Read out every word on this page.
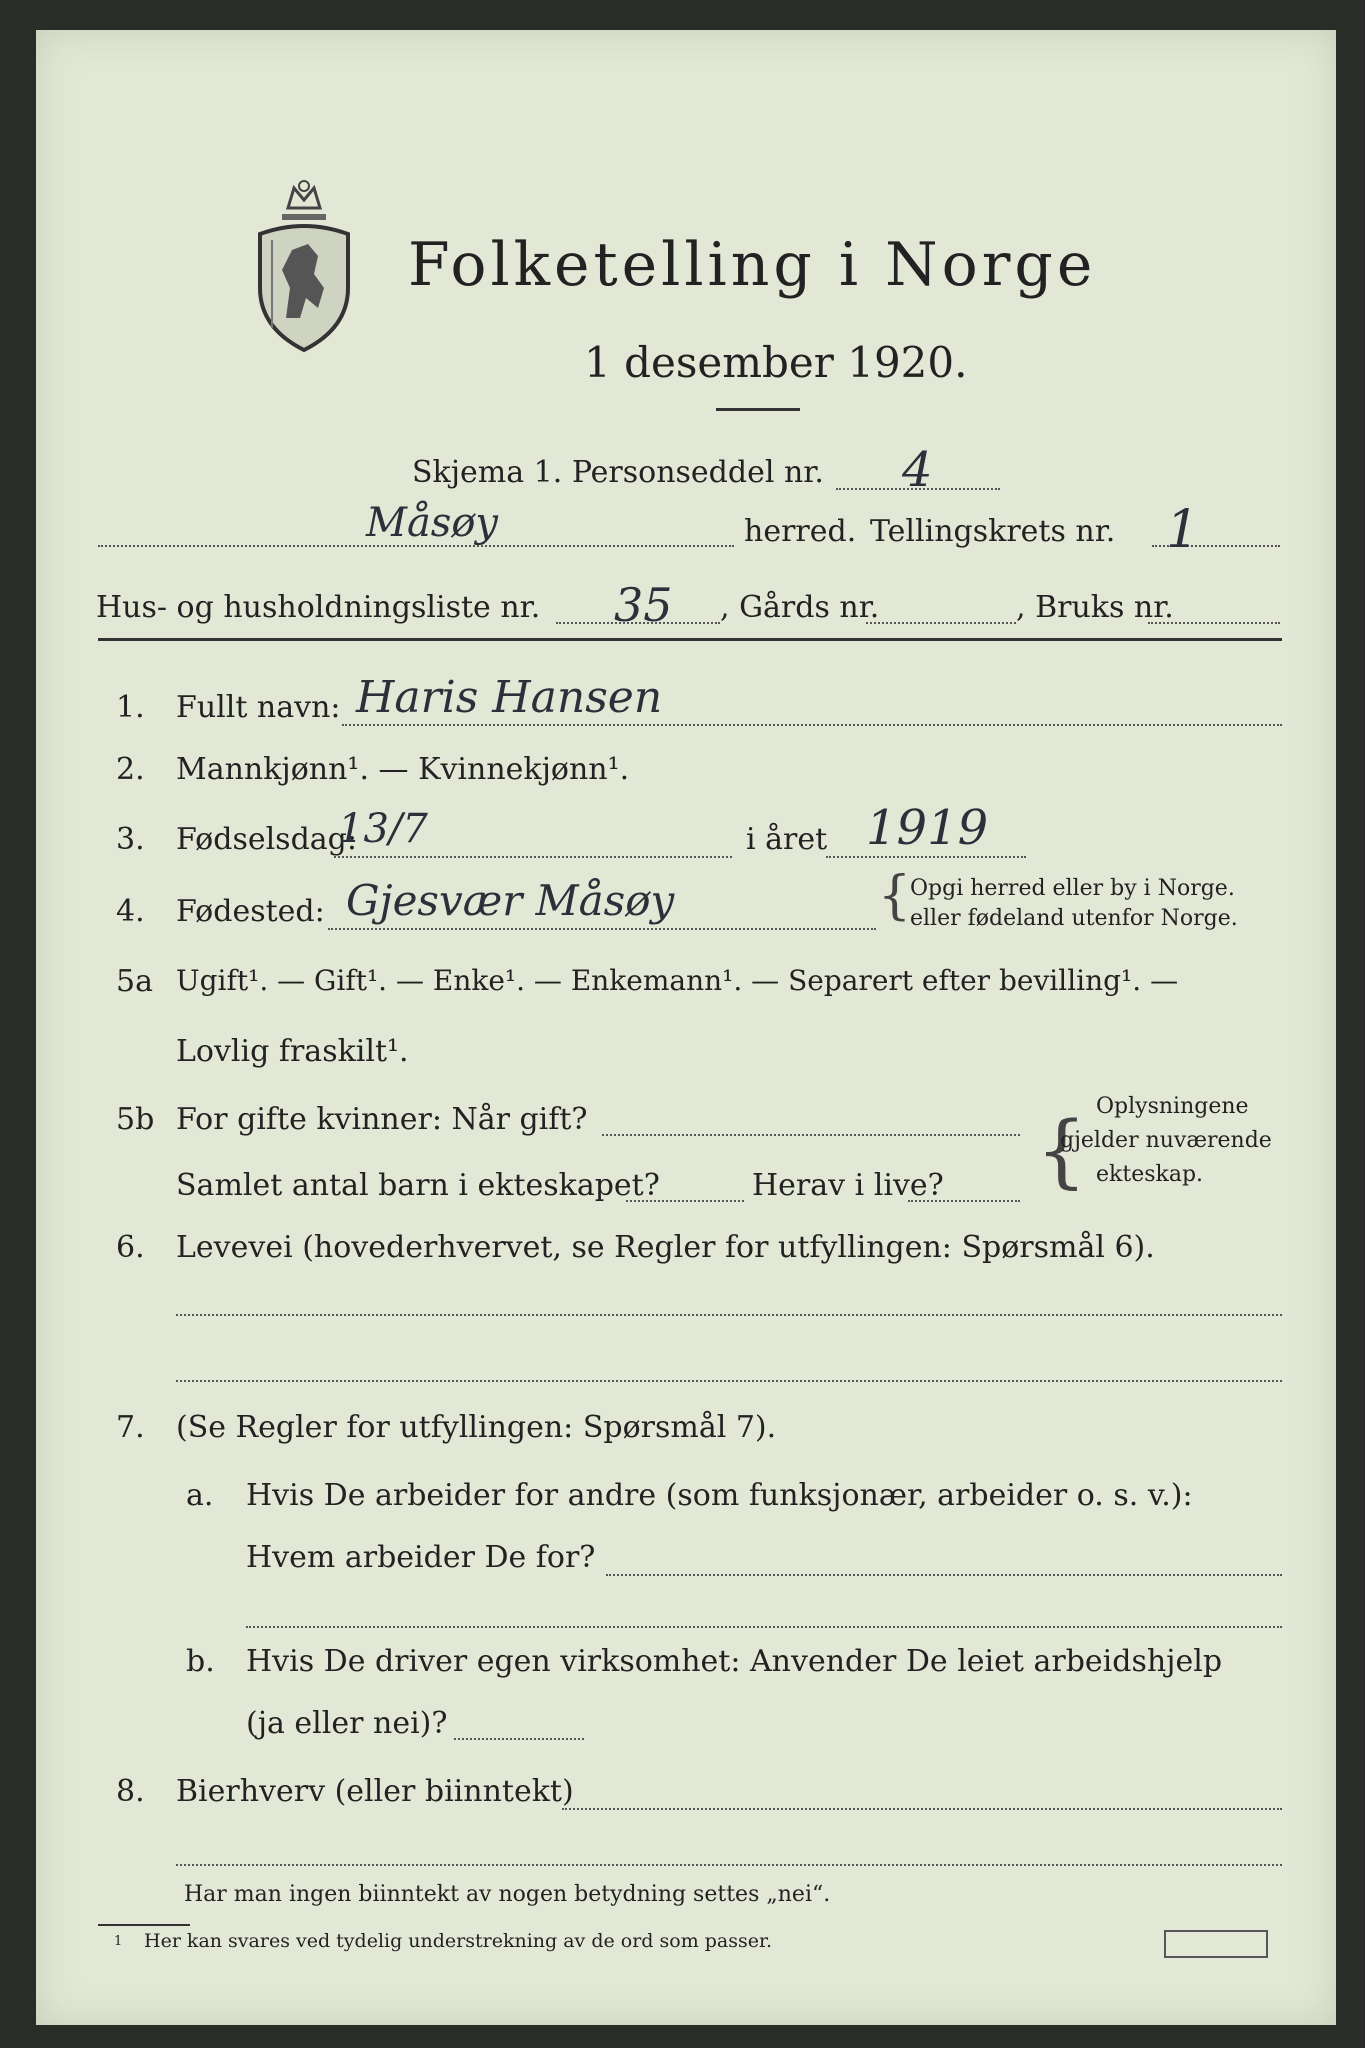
Folketelling i Norge
1 desember 1920.
Skjema 1. Personseddel nr. 4
Måsøy	herred. Tellingskrets nr. 1
Hus- og husholdningsliste nr. 35 , Gårds nr.	, Bruks nr.
1. Fullt navn: Haris Hansen
2. Mannkjønn¹. — Kvinnekjønn¹.
3. Fødselsdag:
13/7	i året 1919
4. Fødested: Gjesvær Måsøy	{
Opgi herred eller by i Norge.
eller fødeland utenfor Norge.
5a Ugift¹. — Gift¹. — Enke¹. — Enkemann¹. — Separert efter bevilling¹. —
Lovlig fraskilt¹.
5b For gifte kvinner: Når gift?
Samlet antal barn i ekteskapet?	Herav i live? { Oplysningene
gjelder nuværende
ekteskap.
6. Levevei (hovederhvervet, se Regler for utfyllingen: Spørsmål 6).
7. (Se Regler for utfyllingen: Spørsmål 7).
a. Hvis De arbeider for andre (som funksjonær, arbeider o. s. v.):
Hvem arbeider De for?
b. Hvis De driver egen virksomhet: Anvender De leiet arbeidshjelp
(ja eller nei)?
8. Bierhverv (eller biinntekt)
Har man ingen biinntekt av nogen betydning settes „nei“.
1 Her kan svares ved tydelig understrekning av de ord som passer.
